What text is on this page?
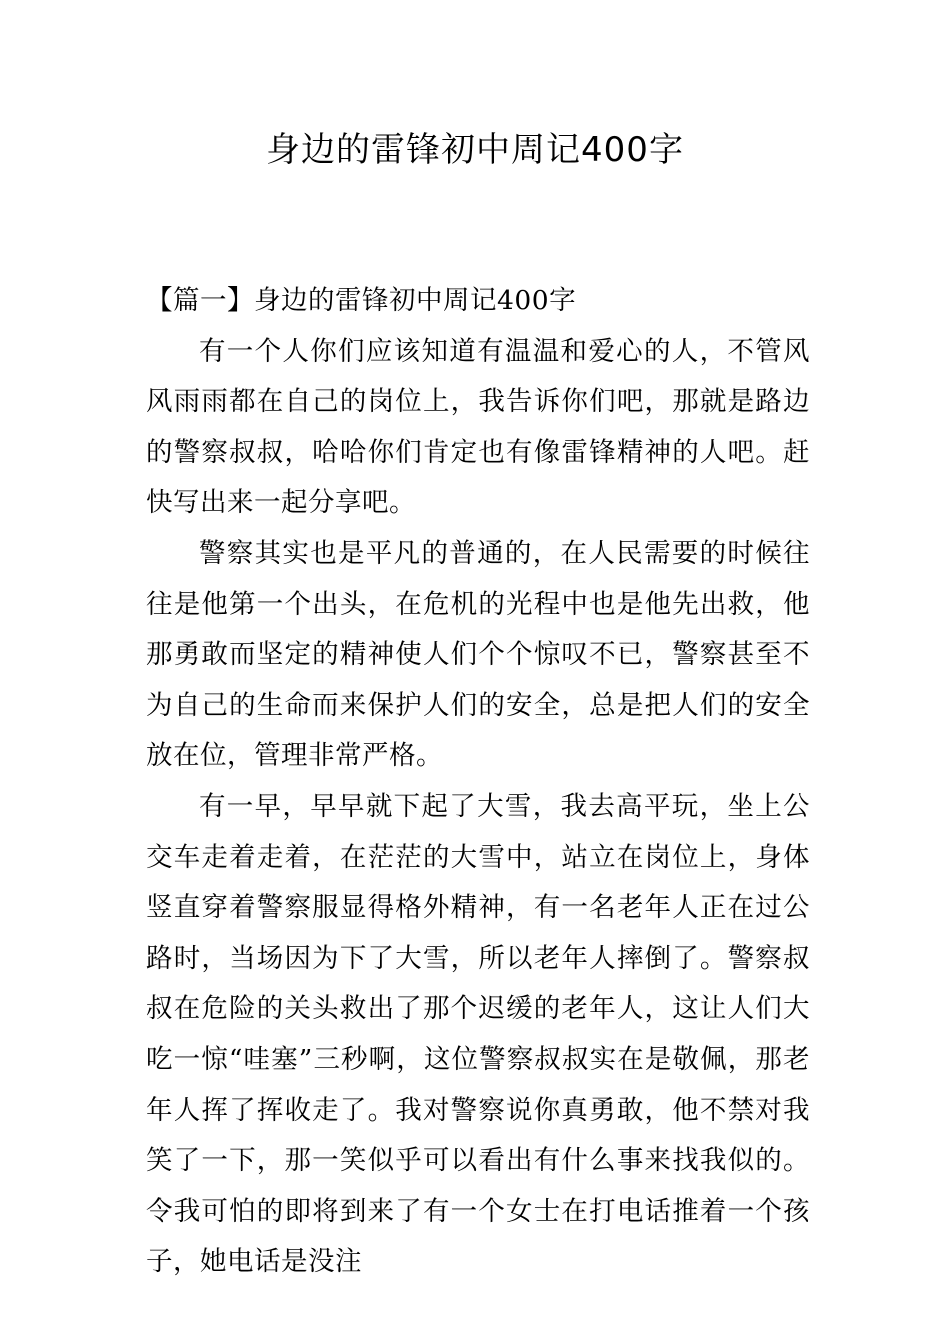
身边的雷锋初中周记400字
【篇一】身边的雷锋初中周记400字

有一个人你们应该知道有温温和爱心的人，不管风风雨雨都在自己的岗位上，我告诉你们吧，那就是路边的警察叔叔，哈哈你们肯定也有像雷锋精神的人吧。赶快写出来一起分享吧。

警察其实也是平凡的普通的，在人民需要的时候往往是他第一个出头，在危机的光程中也是他先出救，他那勇敢而坚定的精神使人们个个惊叹不已，警察甚至不为自己的生命而来保护人们的安全，总是把人们的安全放在位，管理非常严格。

有一早，早早就下起了大雪，我去高平玩，坐上公交车走着走着，在茫茫的大雪中，站立在岗位上，身体竖直穿着警察服显得格外精神，有一名老年人正在过公路时，当场因为下了大雪，所以老年人摔倒了。警察叔叔在危险的关头救出了那个迟缓的老年人，这让人们大吃一惊“哇塞”三秒啊，这位警察叔叔实在是敬佩，那老年人挥了挥收走了。我对警察说你真勇敢，他不禁对我笑了一下，那一笑似乎可以看出有什么事来找我似的。令我可怕的即将到来了有一个女士在打电话推着一个孩子，她电话是没注
